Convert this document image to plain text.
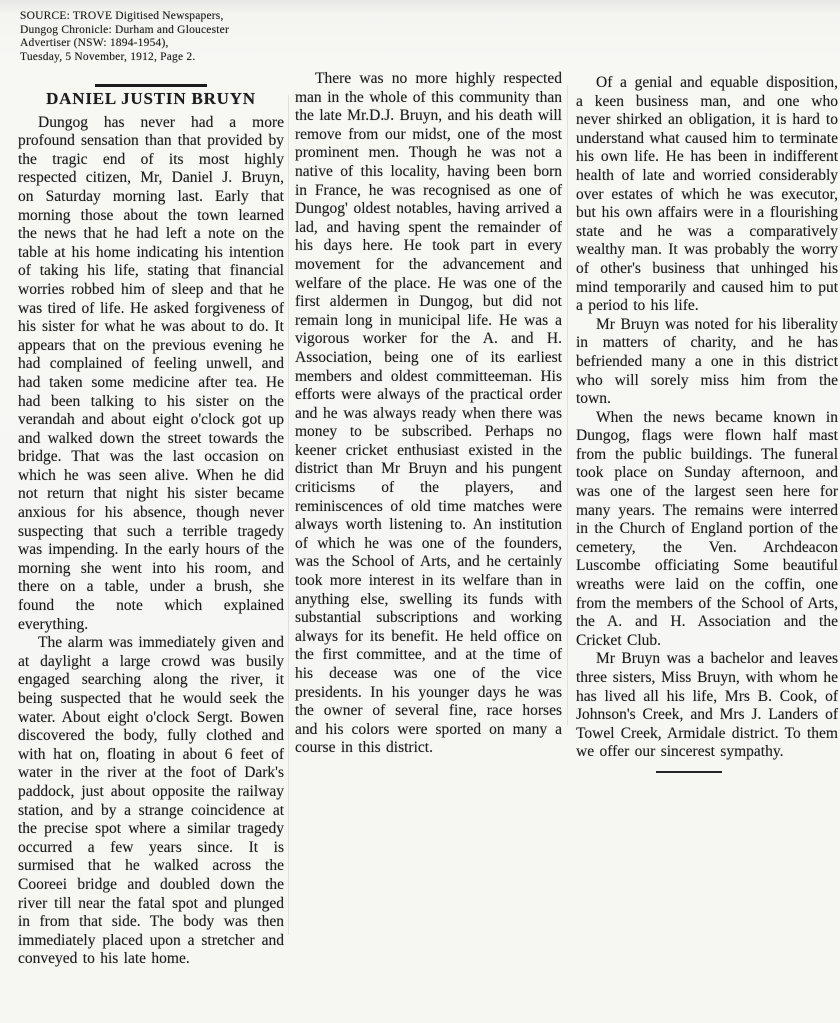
SOURCE: TROVE Digitised Newspapers,
Dungog Chronicle: Durham and Gloucester
Advertiser (NSW: 1894-1954),
Tuesday, 5 November, 1912, Page 2.
DANIEL JUSTIN BRUYN

Dungog has never had a more profound sensation than that provided by the tragic end of its most highly respected citizen, Mr, Daniel J. Bruyn, on Saturday morning last. Early that morning those about the town learned the news that he had left a note on the table at his home indicating his intention of taking his life, stating that financial worries robbed him of sleep and that he was tired of life. He asked forgiveness of his sister for what he was about to do. It appears that on the previous evening he had complained of feeling unwell, and had taken some medicine after tea. He had been talking to his sister on the verandah and about eight o'clock got up and walked down the street towards the bridge. That was the last occasion on which he was seen alive. When he did not return that night his sister became anxious for his absence, though never suspecting that such a terrible tragedy was impending. In the early hours of the morning she went into his room, and there on a table, under a brush, she found the note which explained everything.

The alarm was immediately given and at daylight a large crowd was busily engaged searching along the river, it being suspected that he would seek the water. About eight o'clock Sergt. Bowen discovered the body, fully clothed and with hat on, floating in about 6 feet of water in the river at the foot of Dark's paddock, just about opposite the railway station, and by a strange coincidence at the precise spot where a similar tragedy occurred a few years since. It is surmised that he walked across the Cooreei bridge and doubled down the river till near the fatal spot and plunged in from that side. The body was then immediately placed upon a stretcher and conveyed to his late home.

There was no more highly respected man in the whole of this community than the late Mr.D.J. Bruyn, and his death will remove from our midst, one of the most prominent men. Though he was not a native of this locality, having been born in France, he was recognised as one of Dungog' oldest notables, having arrived a lad, and having spent the remainder of his days here. He took part in every movement for the advancement and welfare of the place. He was one of the first aldermen in Dungog, but did not remain long in municipal life. He was a vigorous worker for the A. and H. Association, being one of its earliest members and oldest committeeman. His efforts were always of the practical order and he was always ready when there was money to be subscribed. Perhaps no keener cricket enthusiast existed in the district than Mr Bruyn and his pungent criticisms of the players, and reminiscences of old time matches were always worth listening to. An institution of which he was one of the founders, was the School of Arts, and he certainly took more interest in its welfare than in anything else, swelling its funds with substantial subscriptions and working always for its benefit. He held office on the first committee, and at the time of his decease was one of the vice presidents. In his younger days he was the owner of several fine, race horses and his colors were sported on many a course in this district.

Of a genial and equable disposition, a keen business man, and one who never shirked an obligation, it is hard to understand what caused him to terminate his own life. He has been in indifferent health of late and worried considerably over estates of which he was executor, but his own affairs were in a flourishing state and he was a comparatively wealthy man. It was probably the worry of other's business that unhinged his mind temporarily and caused him to put a period to his life.

Mr Bruyn was noted for his liberality in matters of charity, and he has befriended many a one in this district who will sorely miss him from the town.

When the news became known in Dungog, flags were flown half mast from the public buildings. The funeral took place on Sunday afternoon, and was one of the largest seen here for many years. The remains were interred in the Church of England portion of the cemetery, the Ven. Archdeacon Luscombe officiating Some beautiful wreaths were laid on the coffin, one from the members of the School of Arts, the A. and H. Association and the Cricket Club.

Mr Bruyn was a bachelor and leaves three sisters, Miss Bruyn, with whom he has lived all his life, Mrs B. Cook, of Johnson's Creek, and Mrs J. Landers of Towel Creek, Armidale district. To them we offer our sincerest sympathy.
